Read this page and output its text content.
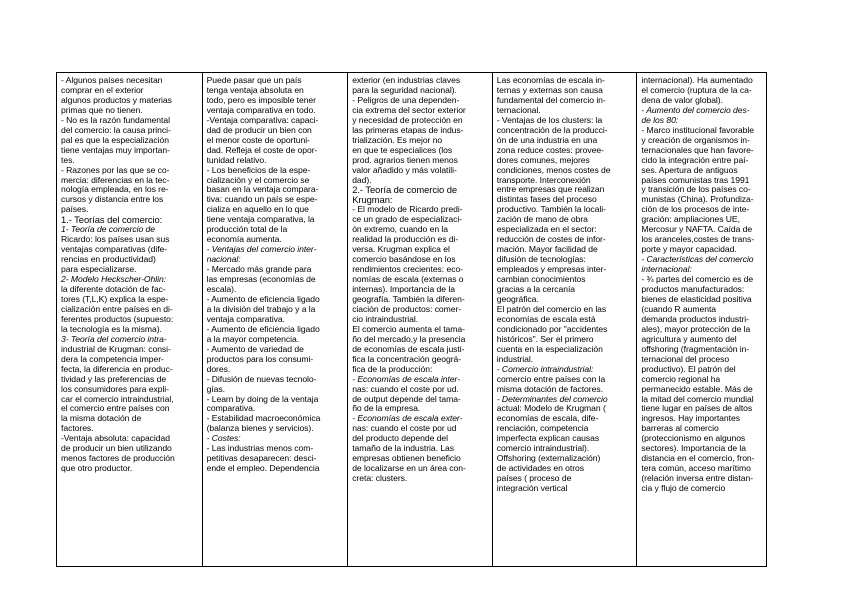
- Algunos países necesitan
comprar en el exterior
algunos productos y materias
primas que no tienen.
- No es la razón fundamental
del comercio: la causa princi-
pal es que la especialización
tiene ventajas muy importan-
tes.
- Razones por las que se co-
mercia: diferencias en la tec-
nología empleada, en los re-
cursos y distancia entre los
países.
1.- Teorías del comercio:
1- Teoría de comercio de
Ricardo: los países usan sus
ventajas comparativas (dife-
rencias en productividad)
para especializarse.
2- Modelo Heckscher-Ohlin:
la diferente dotación de fac-
tores (T,L,K) explica la espe-
cialización entre países en di-
ferentes productos (supuesto:
la tecnología es la misma).
3- Teoría del comercio intra-
industrial de Krugman: consi-
dera la competencia imper-
fecta, la diferencia en produc-
tividad y las preferencias de
los consumidores para expli-
car el comercio intraindustrial,
el comercio entre países con
la misma dotación de
factores.
-Ventaja absoluta: capacidad
de producir un bien utilizando
menos factores de producción
que otro productor.
Puede pasar que un país
tenga ventaja absoluta en
todo, pero es imposible tener
ventaja comparativa en todo.
-Ventaja comparativa: capaci-
dad de producir un bien con
el menor coste de oportuni-
dad. Refleja el coste de opor-
tunidad relativo.
- Los beneficios de la espe-
cialización y el comercio se
basan en la ventaja compara-
tiva: cuando un país se espe-
cializa en aquello en lo que
tiene ventaja comparativa, la
producción total de la
economía aumenta.
- Ventajas del comercio inter-
nacional:
- Mercado más grande para
las empresas (economías de
escala).
- Aumento de eficiencia ligado
a la división del trabajo y a la
ventaja comparativa.
- Aumento de eficiencia ligado
a la mayor competencia.
- Aumento de variedad de
productos para los consumi-
dores.
- Difusión de nuevas tecnolo-
gías.
- Learn by doing de la ventaja
comparativa.
- Estabilidad macroeconómica
(balanza bienes y servicios).
- Costes:
- Las industrias menos com-
petitivas desaparecen: desci-
ende el empleo. Dependencia
exterior (en industrias claves
para la seguridad nacional).
- Peligros de una dependen-
cia extrema del sector exterior
y necesidad de protección en
las primeras etapas de indus-
trialización. Es mejor no
en que te especialices (los
prod. agrarios tienen menos
valor añadido y más volatili-
dad).
2.- Teoría de comercio de
Krugman:
- El modelo de Ricardo predi-
ce un grado de especializaci-
ón extremo, cuando en la
realidad la producción es di-
versa. Krugman explica el
comercio basándose en los
rendimientos crecientes: eco-
nomías de escala (externas o
internas). Importancia de la
geografía. También la diferen-
ciación de productos: comer-
cio intraindustrial.
El comercio aumenta el tama-
ño del mercado,y la presencia
de economías de escala justi-
fica la concentración geográ-
fica de la producción:
- Economías de escala inter-
nas: cuando el coste por ud.
de output depende del tama-
ño de la empresa.
- Economías de escala exter-
nas: cuando el coste por ud
del producto depende del
tamaño de la industria. Las
empresas obtienen beneficio
de localizarse en un área con-
creta: clusters.
Las economías de escala in-
ternas y externas son causa
fundamental del comercio in-
ternacional.
- Ventajas de los clusters: la
concentración de la producci-
ón de una industria en una
zona reduce costes: provee-
dores comunes, mejores
condiciones, menos costes de
transporte. Interconexión
entre empresas que realizan
distintas fases del proceso
productivo. También la locali-
zación de mano de obra
especializada en el sector:
reducción de costes de infor-
mación. Mayor facilidad de
difusión de tecnologías:
empleados y empresas inter-
cambian conocimientos
gracias a la cercanía
geográfica.
El patrón del comercio en las
economías de escala está
condicionado por "accidentes
históricos". Ser el primero
cuenta en la especialización
industrial.
- Comercio intraindustrial:
comercio entre países con la
misma dotación de factores.
- Determinantes del comercio
actual: Modelo de Krugman (
economías de escala, dife-
renciación, competencia
imperfecta explican causas
comercio intraindustrial).
Offshoring (externalización)
de actividades en otros
países ( proceso de
integración vertical
internacional). Ha aumentado
el comercio (ruptura de la ca-
dena de valor global).
- Aumento del comercio des-
de los 80:
- Marco institucional favorable
y creación de organismos in-
ternacionales que han favore-
cido la integración entre paí-
ses. Apertura de antiguos
países comunistas tras 1991
y transición de los países co-
munistas (China). Profundiza-
ción de los procesos de inte-
gración: ampliaciones UE,
Mercosur y NAFTA. Caída de
los aranceles,costes de trans-
porte y mayor capacidad.
- Características del comercio
internacional:
- ¾ partes del comercio es de
productos manufacturados:
bienes de elasticidad positiva
(cuando R aumenta
demanda productos industri-
ales), mayor protección de la
agricultura y aumento del
offshoring (fragmentación in-
ternacional del proceso
productivo). El patrón del
comercio regional ha
permanecido estable. Más de
la mitad del comercio mundial
tiene lugar en países de altos
ingresos. Hay importantes
barreras al comercio
(proteccionismo en algunos
sectores). Importancia de la
distancia en el comercio, fron-
tera común, acceso marítimo
(relación inversa entre distan-
cia y flujo de comercio
